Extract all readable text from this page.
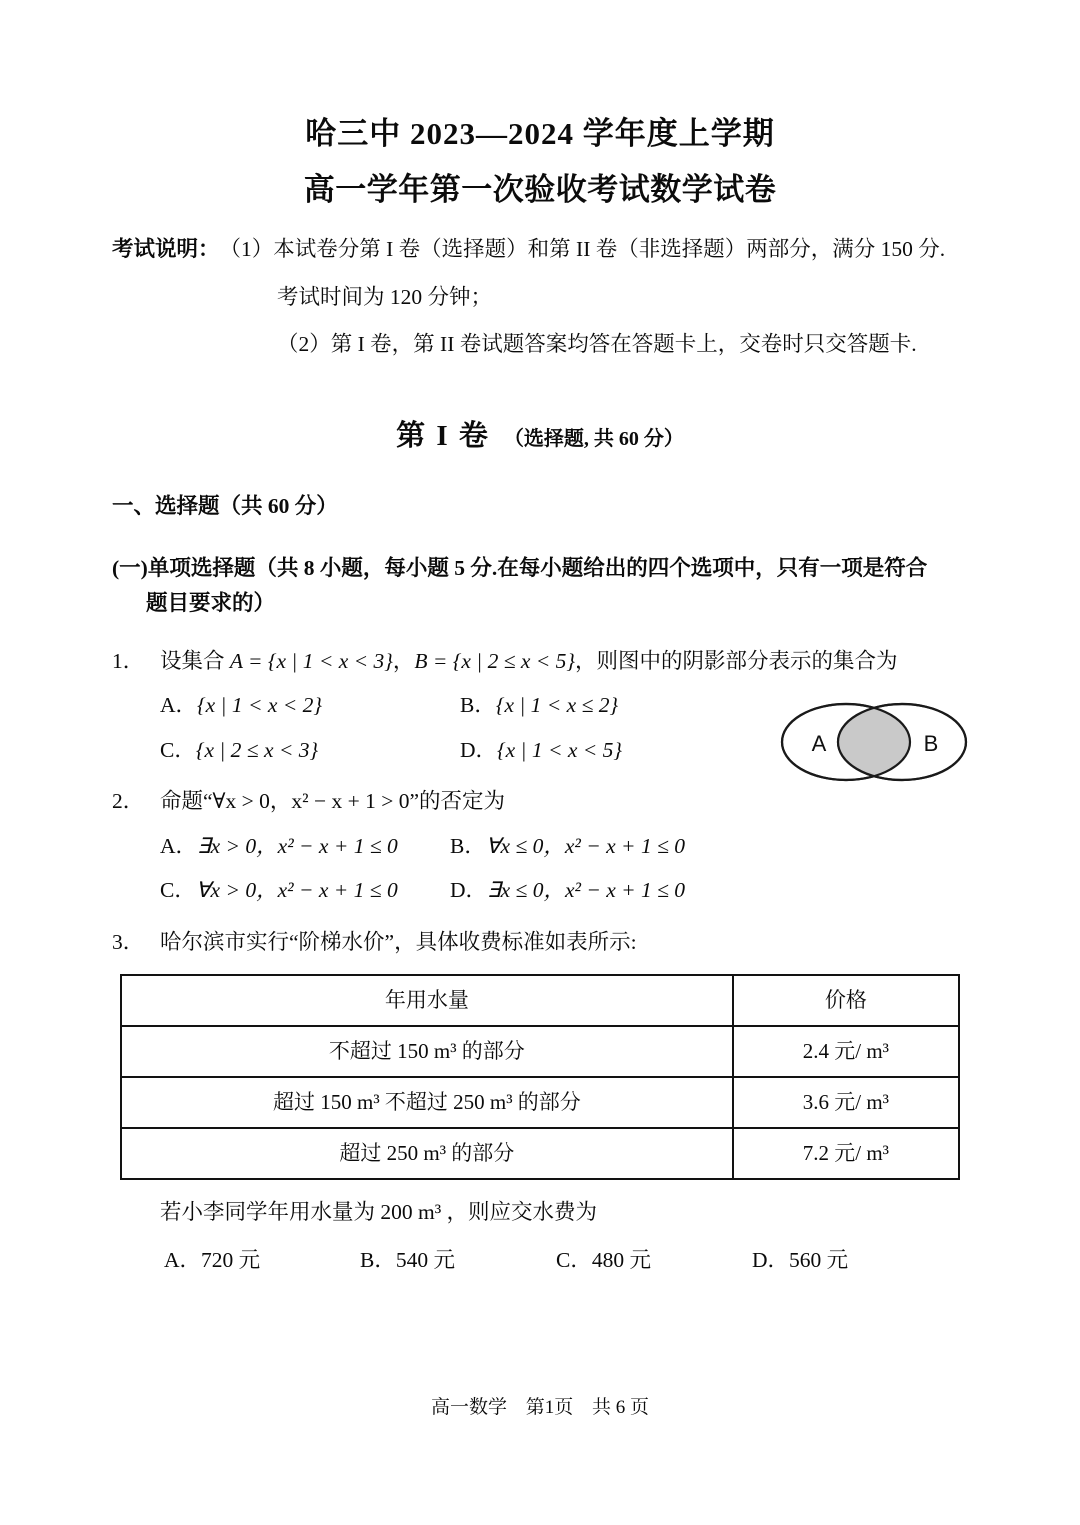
哈三中 2023—2024 学年度上学期
高一学年第一次验收考试数学试卷
考试说明： （1）本试卷分第 I 卷（选择题）和第 II 卷（非选择题）两部分，满分 150 分.
考试时间为 120 分钟；
（2）第 I 卷，第 II 卷试题答案均答在答题卡上，交卷时只交答题卡.
第 I 卷 （选择题, 共 60 分）
一、选择题（共 60 分）
(一)单项选择题（共 8 小题，每小题 5 分.在每小题给出的四个选项中，只有一项是符合
题目要求的）
1． 设集合 A = {x | 1 < x < 3}，B = {x | 2 ≤ x < 5}，则图中的阴影部分表示的集合为
A	B
A．{x | 1 < x < 2}	B．{x | 1 < x ≤ 2}
C．{x | 2 ≤ x < 3}	D．{x | 1 < x < 5}
2． 命题“∀x > 0，x² − x + 1 > 0”的否定为
A．∃x > 0，x² − x + 1 ≤ 0	B．∀x ≤ 0，x² − x + 1 ≤ 0
C．∀x > 0，x² − x + 1 ≤ 0	D．∃x ≤ 0，x² − x + 1 ≤ 0
3． 哈尔滨市实行“阶梯水价”，具体收费标准如表所示:
年用水量	价格
不超过 150 m³ 的部分	2.4 元/ m³
超过 150 m³ 不超过 250 m³ 的部分	3.6 元/ m³
超过 250 m³ 的部分	7.2 元/ m³
若小李同学年用水量为 200 m³ ，则应交水费为
A．720 元	B．540 元	C．480 元	D．560 元
高一数学 第1页 共 6 页
